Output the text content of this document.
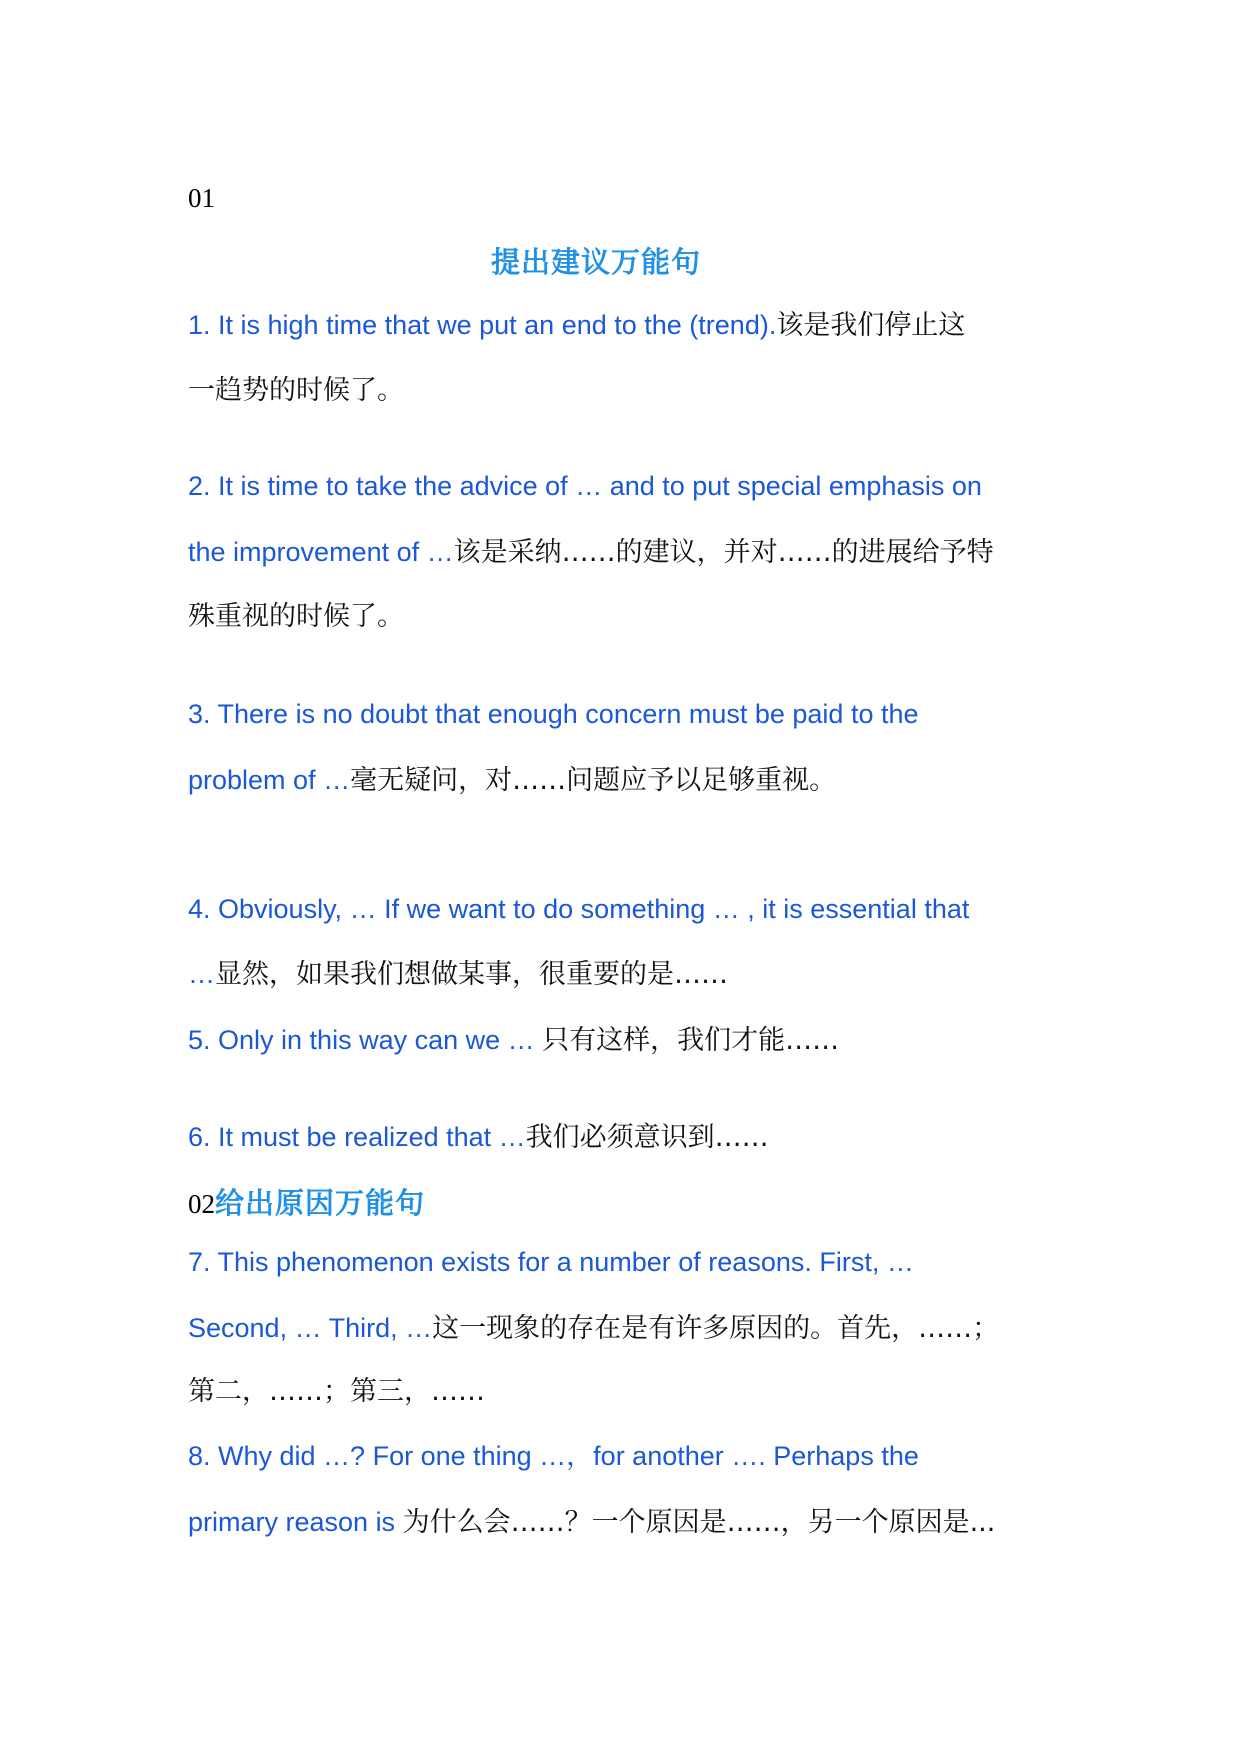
01
提出建议万能句
1. It is high time that we put an end to the (trend).该是我们停止这
一趋势的时候了。
2. It is time to take the advice of … and to put special emphasis on
the improvement of …该是采纳……的建议，并对……的进展给予特
殊重视的时候了。
3. There is no doubt that enough concern must be paid to the
problem of …毫无疑问，对……问题应予以足够重视。
4. Obviously, … If we want to do something … , it is essential that
…显然，如果我们想做某事，很重要的是……
5. Only in this way can we … 只有这样，我们才能……
6. It must be realized that …我们必须意识到……
02给出原因万能句
7. This phenomenon exists for a number of reasons. First, …
Second, … Third, …这一现象的存在是有许多原因的。首先，……；
第二，……；第三，……
8. Why did …? For one thing …，for another …. Perhaps the
primary reason is 为什么会……？一个原因是……，另一个原因是...
